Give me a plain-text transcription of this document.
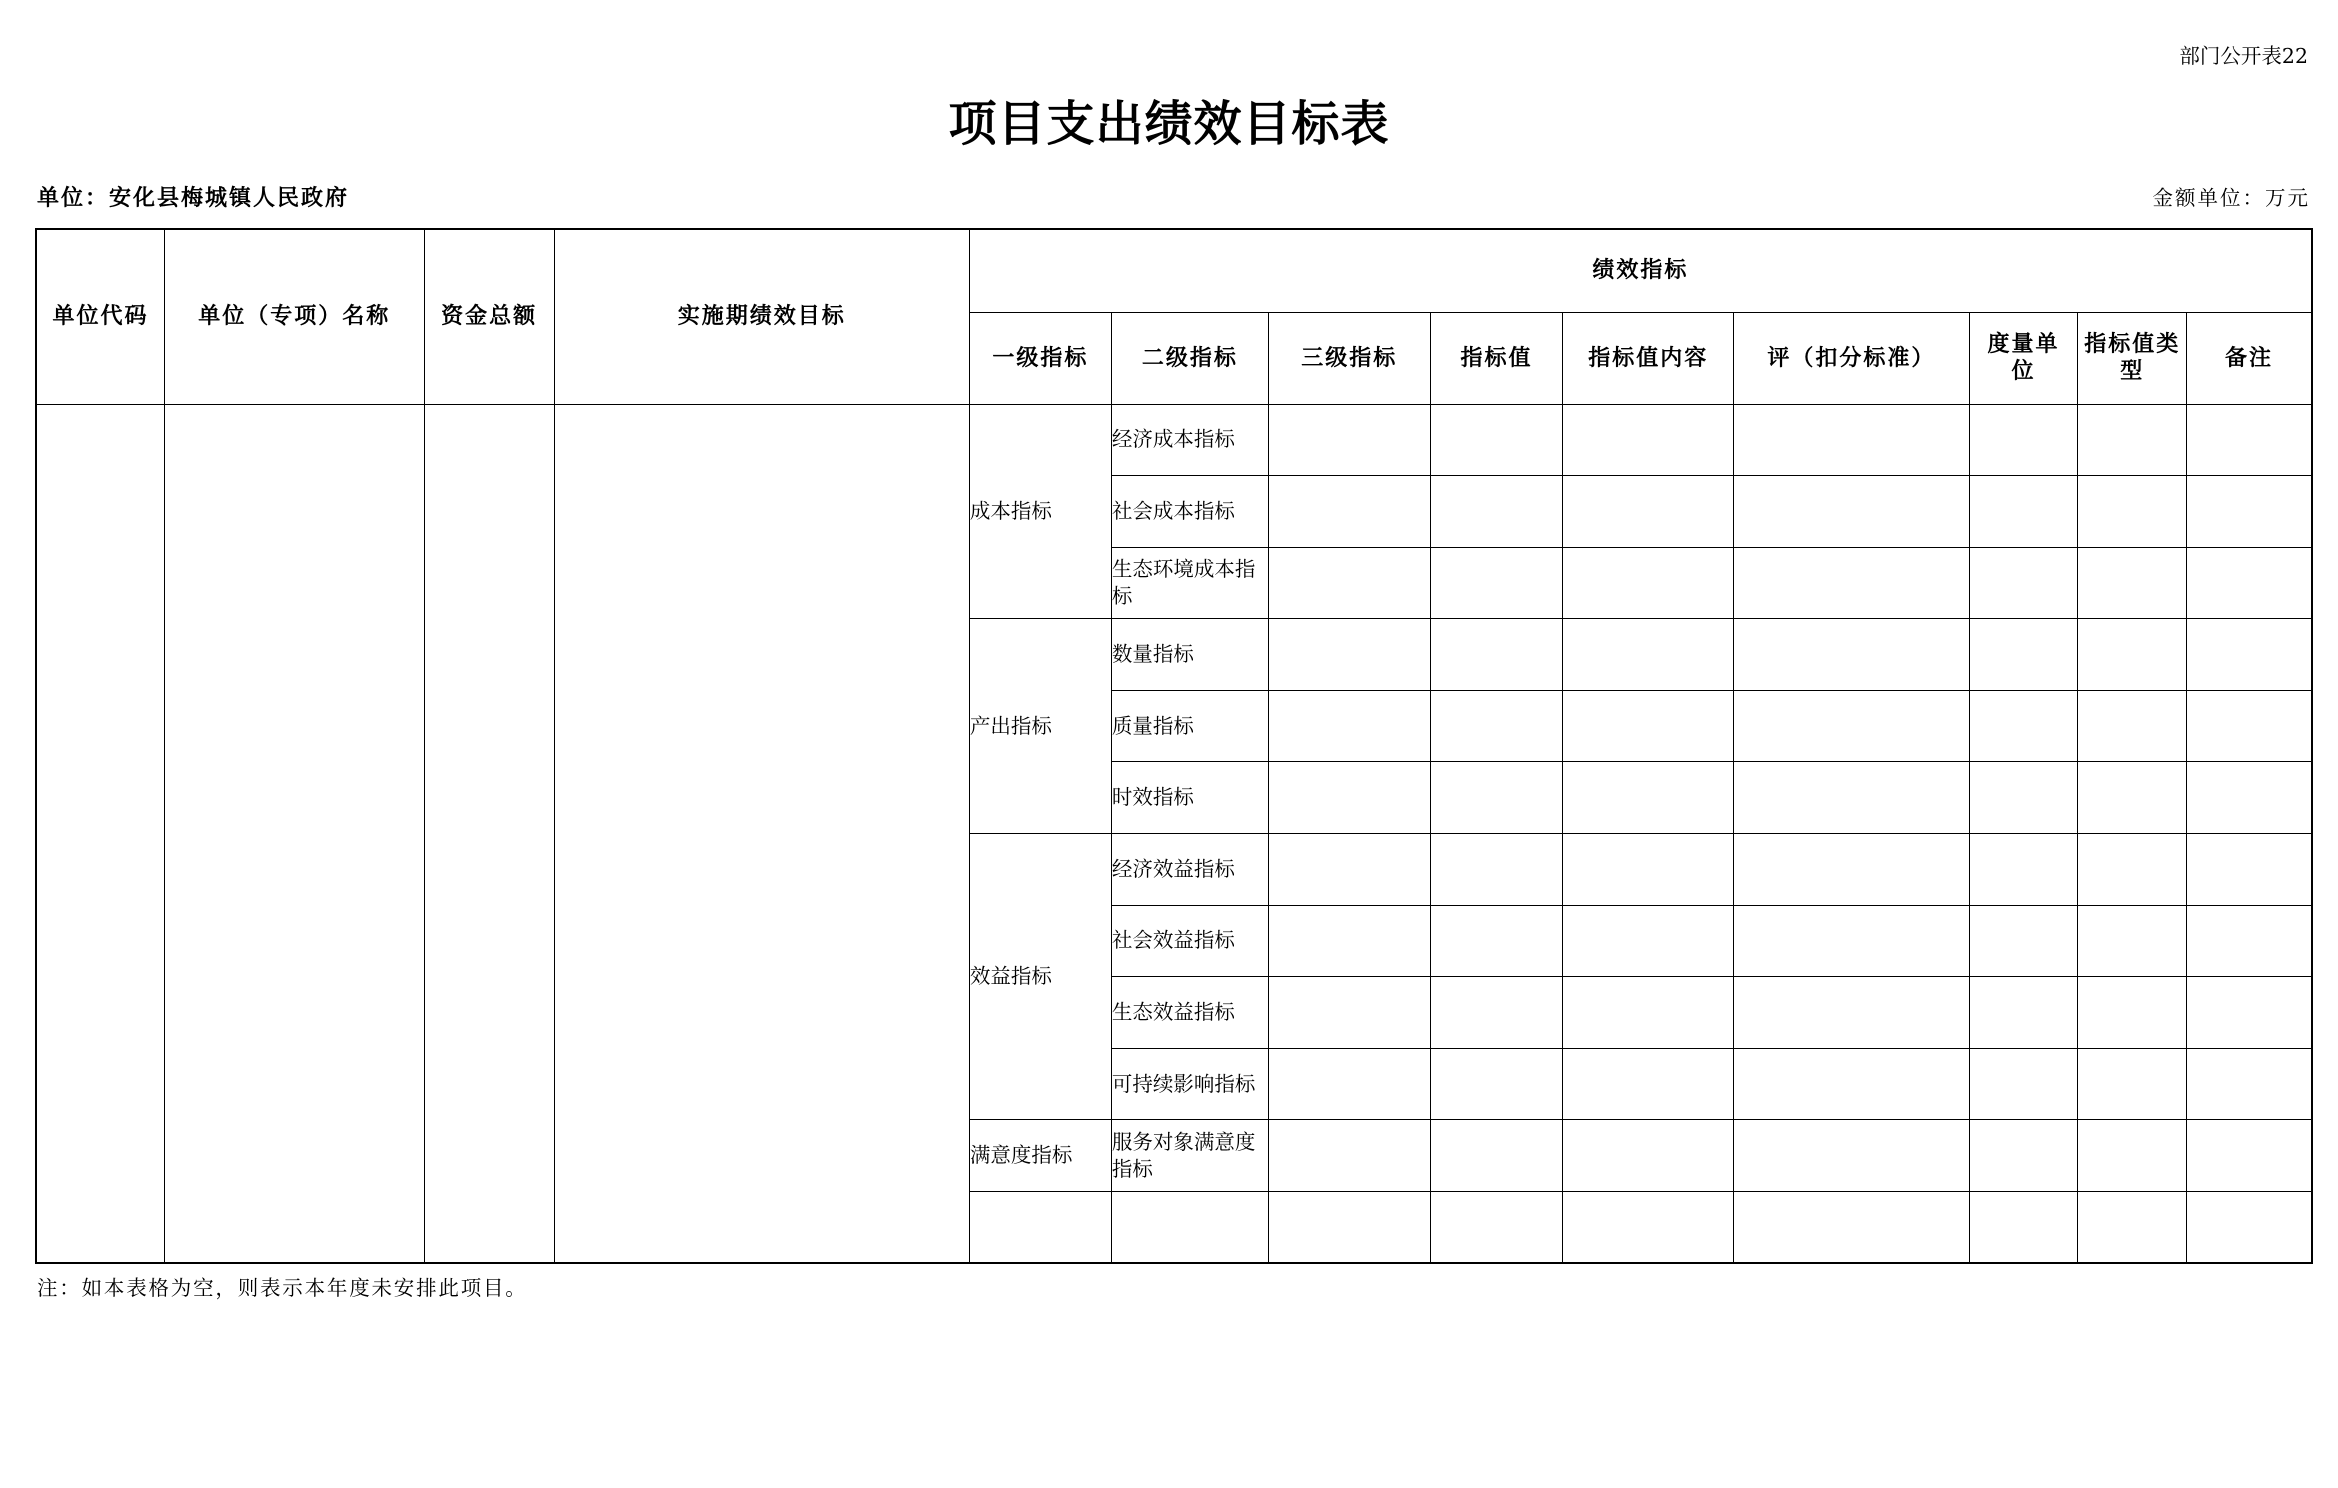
部门公开表22
项目支出绩效目标表
单位：安化县梅城镇人民政府	金额单位：万元
单位代码	单位（专项）名称	资金总额	实施期绩效目标	绩效指标								
				一级指标	二级指标	三级指标	指标值	指标值内容	评（扣分标准）	度量单位	指标值类型	备注
				成本指标	经济成本指标							
					社会成本指标							
					生态环境成本指标							
				产出指标	数量指标							
					质量指标							
					时效指标							
				效益指标	经济效益指标							
					社会效益指标							
					生态效益指标							
					可持续影响指标							
				满意度指标	服务对象满意度指标							

注：如本表格为空，则表示本年度未安排此项目。
